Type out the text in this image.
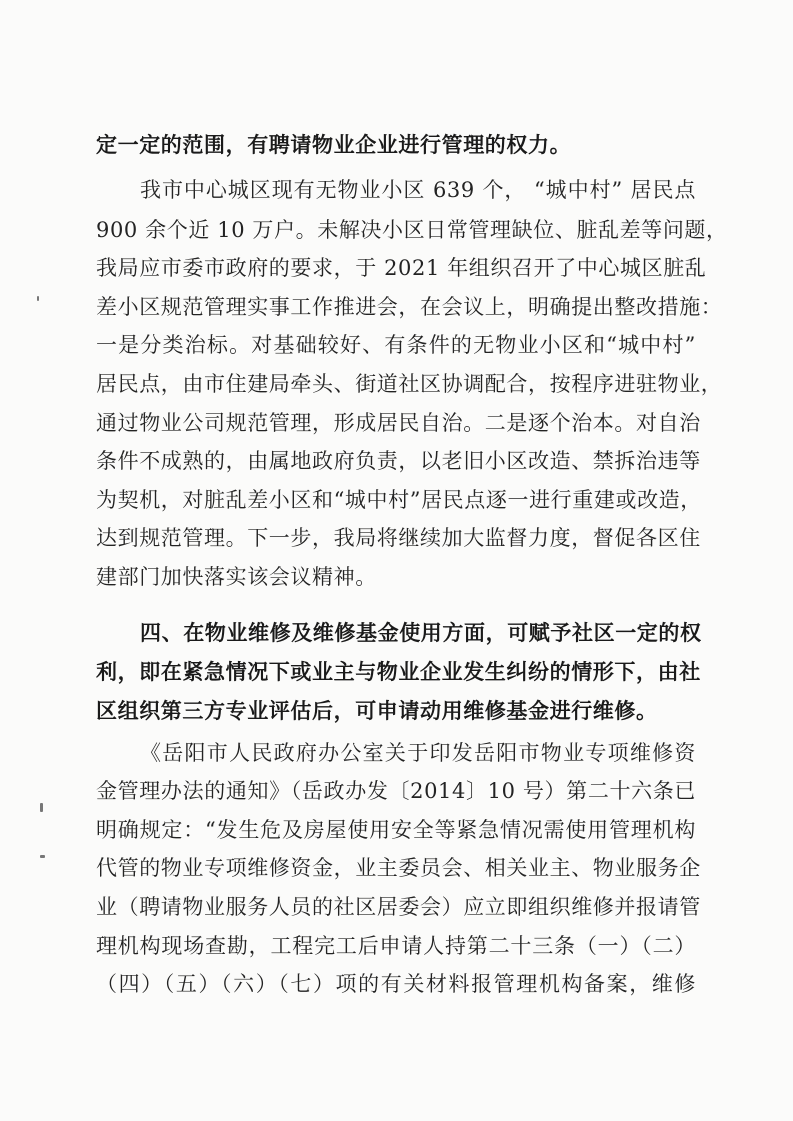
定一定的范围，有聘请物业企业进行管理的权力。
我市中心城区现有无物业小区 639 个， “城中村” 居民点
900 余个近 10 万户。未解决小区日常管理缺位、脏乱差等问题，
我局应市委市政府的要求，于 2021 年组织召开了中心城区脏乱
差小区规范管理实事工作推进会，在会议上，明确提出整改措施：
一是分类治标。对基础较好、有条件的无物业小区和“城中村”
居民点，由市住建局牵头、街道社区协调配合，按程序进驻物业，
通过物业公司规范管理，形成居民自治。二是逐个治本。对自治
条件不成熟的，由属地政府负责，以老旧小区改造、禁拆治违等
为契机，对脏乱差小区和“城中村”居民点逐一进行重建或改造，
达到规范管理。下一步，我局将继续加大监督力度，督促各区住
建部门加快落实该会议精神。
四、在物业维修及维修基金使用方面，可赋予社区一定的权
利，即在紧急情况下或业主与物业企业发生纠纷的情形下，由社
区组织第三方专业评估后，可申请动用维修基金进行维修。
《岳阳市人民政府办公室关于印发岳阳市物业专项维修资
金管理办法的通知》（岳政办发〔2014〕10 号）第二十六条已
明确规定：“发生危及房屋使用安全等紧急情况需使用管理机构
代管的物业专项维修资金，业主委员会、相关业主、物业服务企
业（聘请物业服务人员的社区居委会）应立即组织维修并报请管
理机构现场查勘，工程完工后申请人持第二十三条（一）（二）
（四）（五）（六）（七）项的有关材料报管理机构备案，维修
